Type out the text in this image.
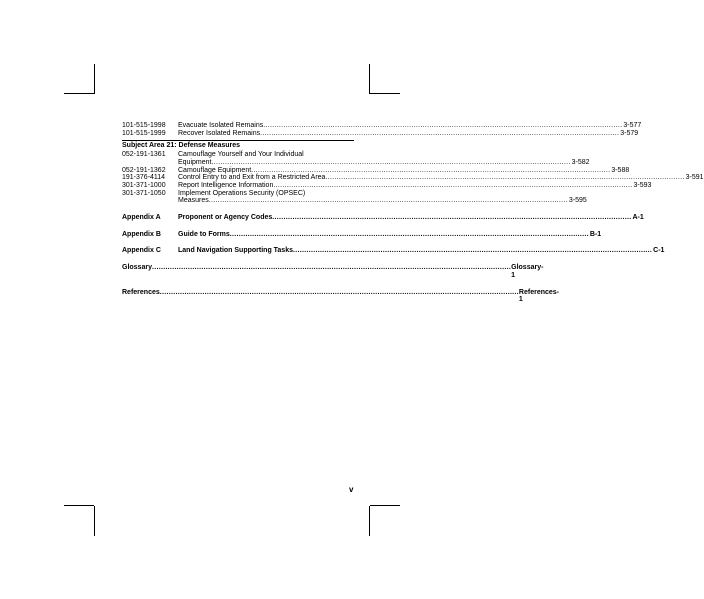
101-515-1998	Evacuate Isolated Remains .....	3-577
101-515-1999	Recover Isolated Remains .....	3-579
Subject Area 21: Defense Measures
052-191-1361	Camouflage Yourself and Your Individual
Equipment .....	3-582
052-191-1362	Camouflage Equipment .....	3-588
191-376-4114	Control Entry to and Exit from a Restricted Area .....	3-591
301-371-1000	Report Intelligence Information .....	3-593
301-371-1050	Implement Operations Security (OPSEC)
Measures .....	3-595
Appendix A	Proponent or Agency Codes .....	A-1
Appendix B	Guide to Forms .....	B-1
Appendix C	Land Navigation Supporting Tasks .....	C-1
Glossary .....	Glossary-1
References .....	References-1
v
